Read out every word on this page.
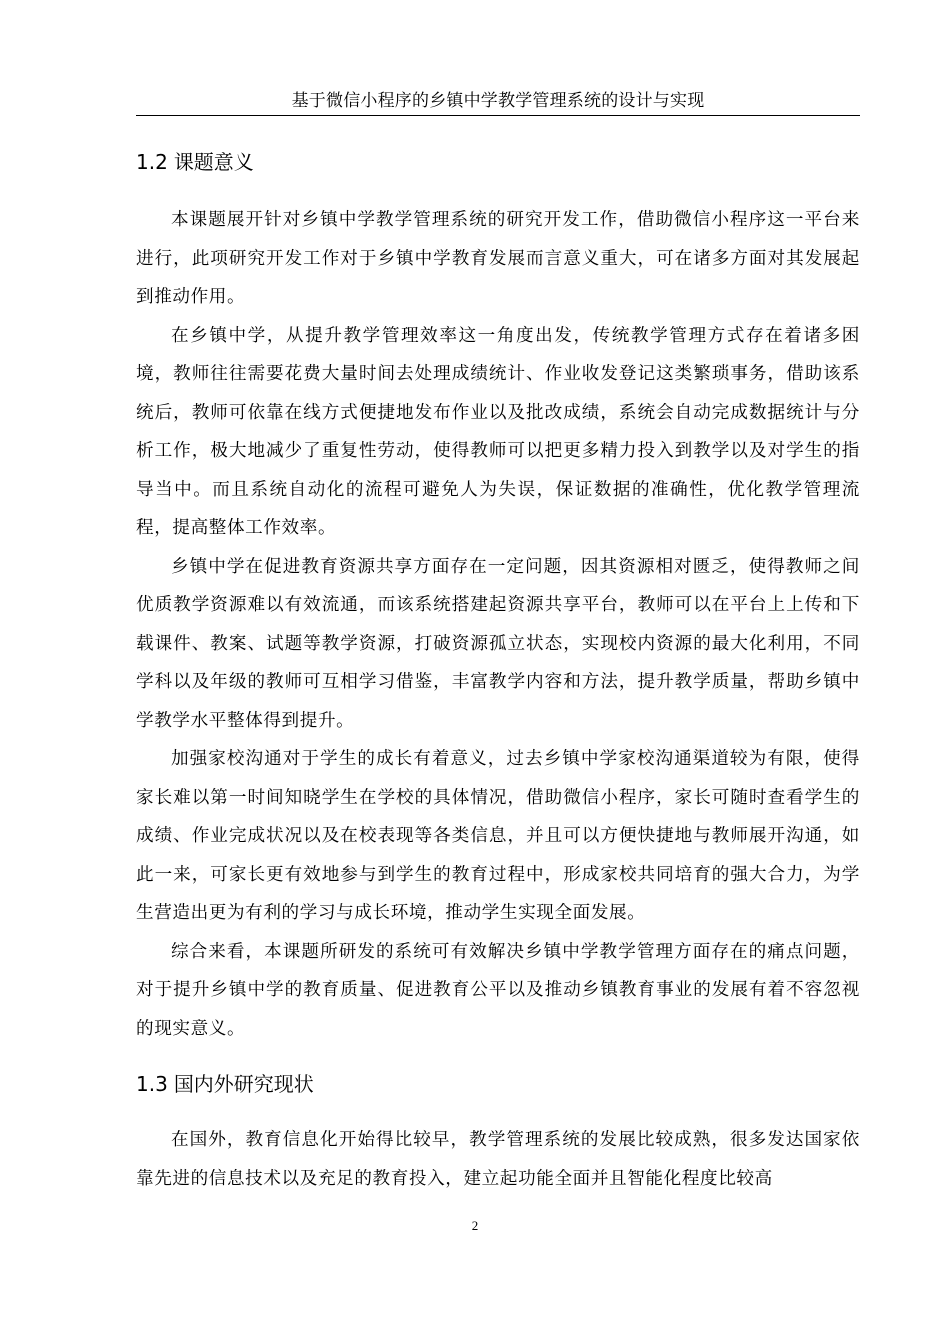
基于微信小程序的乡镇中学教学管理系统的设计与实现
1.2 课题意义

本课题展开针对乡镇中学教学管理系统的研究开发工作，借助微信小程序这一平台来进行，此项研究开发工作对于乡镇中学教育发展而言意义重大，可在诸多方面对其发展起到推动作用。

在乡镇中学，从提升教学管理效率这一角度出发，传统教学管理方式存在着诸多困境，教师往往需要花费大量时间去处理成绩统计、作业收发登记这类繁琐事务，借助该系统后，教师可依靠在线方式便捷地发布作业以及批改成绩，系统会自动完成数据统计与分析工作，极大地减少了重复性劳动，使得教师可以把更多精力投入到教学以及对学生的指导当中。而且系统自动化的流程可避免人为失误，保证数据的准确性，优化教学管理流程，提高整体工作效率。

乡镇中学在促进教育资源共享方面存在一定问题，因其资源相对匮乏，使得教师之间优质教学资源难以有效流通，而该系统搭建起资源共享平台，教师可以在平台上上传和下载课件、教案、试题等教学资源，打破资源孤立状态，实现校内资源的最大化利用，不同学科以及年级的教师可互相学习借鉴，丰富教学内容和方法，提升教学质量，帮助乡镇中学教学水平整体得到提升。

加强家校沟通对于学生的成长有着意义，过去乡镇中学家校沟通渠道较为有限，使得家长难以第一时间知晓学生在学校的具体情况，借助微信小程序，家长可随时查看学生的成绩、作业完成状况以及在校表现等各类信息，并且可以方便快捷地与教师展开沟通，如此一来，可家长更有效地参与到学生的教育过程中，形成家校共同培育的强大合力，为学生营造出更为有利的学习与成长环境，推动学生实现全面发展。

综合来看，本课题所研发的系统可有效解决乡镇中学教学管理方面存在的痛点问题，对于提升乡镇中学的教育质量、促进教育公平以及推动乡镇教育事业的发展有着不容忽视的现实意义。

1.3 国内外研究现状

在国外，教育信息化开始得比较早，教学管理系统的发展比较成熟，很多发达国家依靠先进的信息技术以及充足的教育投入，建立起功能全面并且智能化程度比较高

2
